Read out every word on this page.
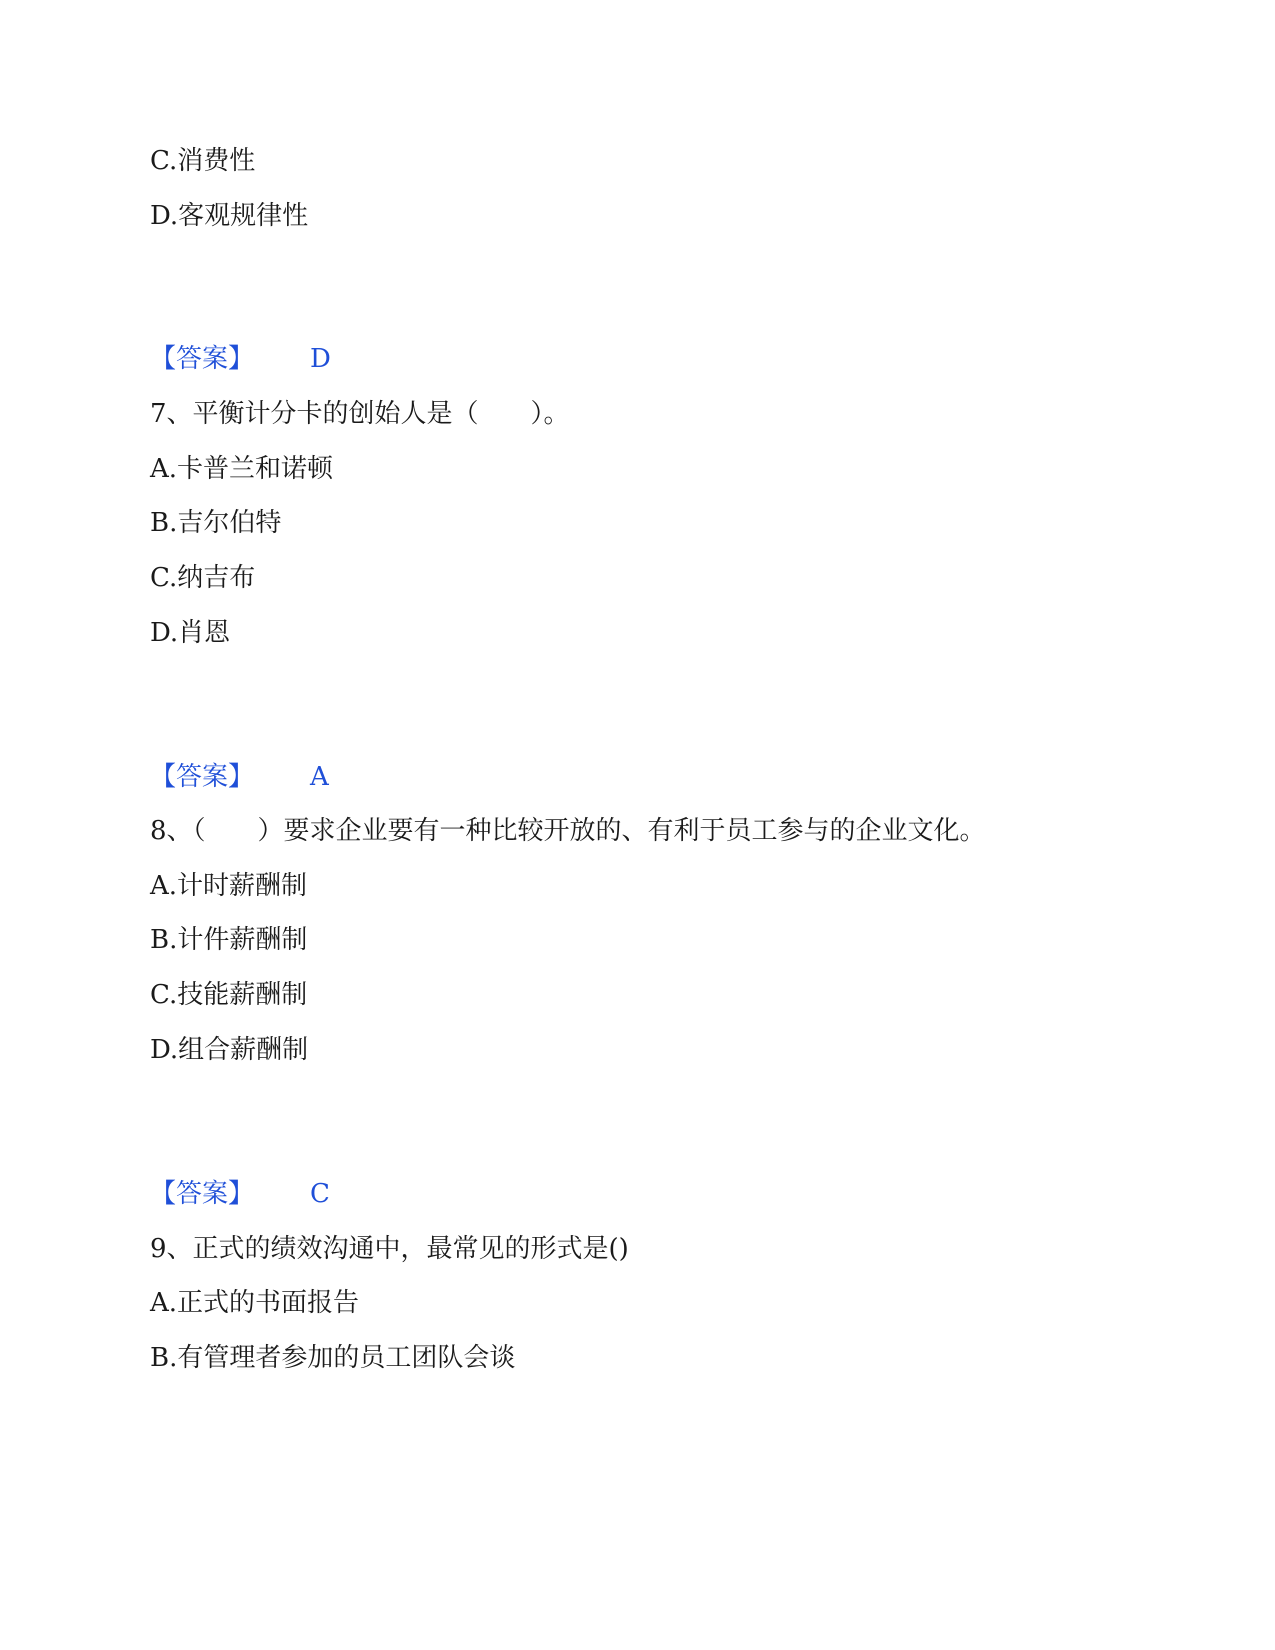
C.消费性
D.客观规律性
【答案】 D
7、平衡计分卡的创始人是（　　）。
A.卡普兰和诺顿
B.吉尔伯特
C.纳吉布
D.肖恩
【答案】 A
8、（　　）要求企业要有一种比较开放的、有利于员工参与的企业文化。
A.计时薪酬制
B.计件薪酬制
C.技能薪酬制
D.组合薪酬制
【答案】 C
9、正式的绩效沟通中，最常见的形式是()
A.正式的书面报告
B.有管理者参加的员工团队会谈
